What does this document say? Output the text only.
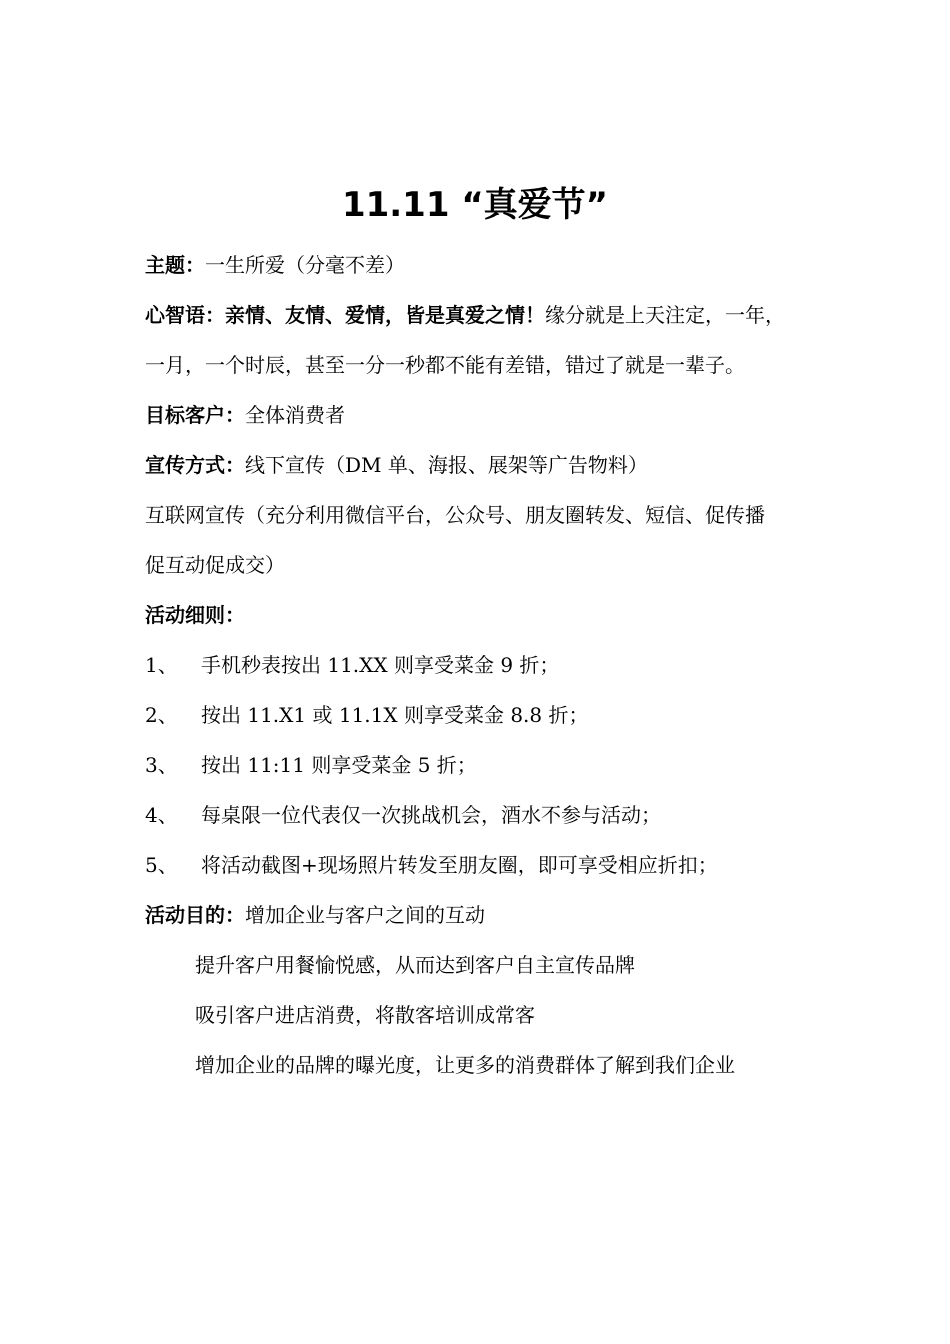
11.11 “真爱节”
主题：一生所爱（分毫不差）
心智语：亲情、友情、爱情，皆是真爱之情！缘分就是上天注定，一年，
一月，一个时辰，甚至一分一秒都不能有差错，错过了就是一辈子。
目标客户：全体消费者
宣传方式：线下宣传（DM 单、海报、展架等广告物料）
互联网宣传（充分利用微信平台，公众号、朋友圈转发、短信、促传播
促互动促成交）
活动细则：
1、 手机秒表按出 11.XX 则享受菜金 9 折；
2、 按出 11.X1 或 11.1X 则享受菜金 8.8 折；
3、 按出 11:11 则享受菜金 5 折；
4、 每桌限一位代表仅一次挑战机会，酒水不参与活动；
5、 将活动截图+现场照片转发至朋友圈，即可享受相应折扣；
活动目的：增加企业与客户之间的互动
提升客户用餐愉悦感，从而达到客户自主宣传品牌
吸引客户进店消费，将散客培训成常客
增加企业的品牌的曝光度，让更多的消费群体了解到我们企业
